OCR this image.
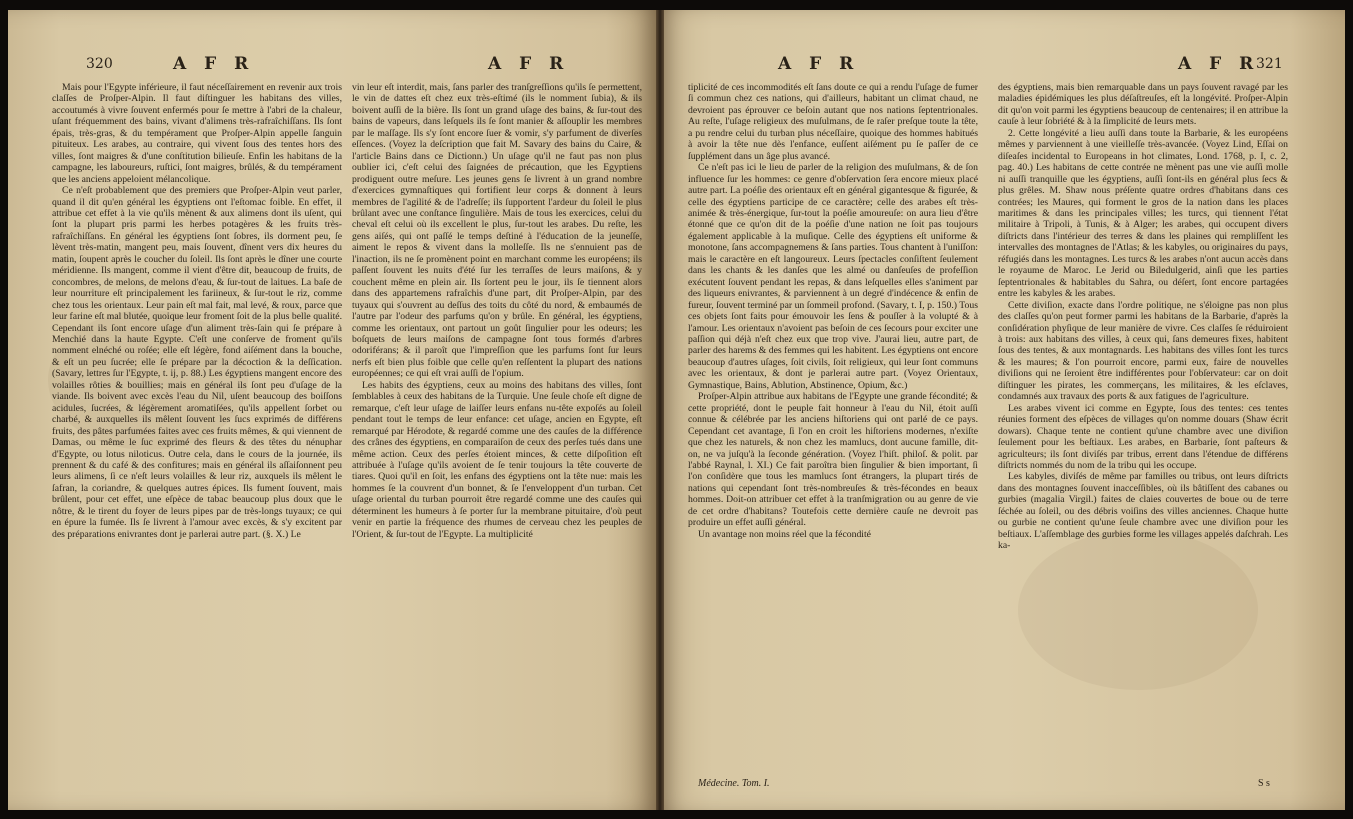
320	A F R	A F R

Mais pour l'Egypte inférieure, il faut néceſſairement en revenir aux trois claſſes de Proſper-Alpin. Il faut diſtinguer les habitans des villes, accoutumés à vivre ſouvent enfermés pour ſe mettre à l'abri de la chaleur, uſant fréquemment des bains, vivant d'alimens très-rafraîchiſſans. Ils ſont épais, très-gras, & du tempérament que Proſper-Alpin appelle ſanguin pituiteux. Les arabes, au contraire, qui vivent ſous des tentes hors des villes, ſont maigres & d'une conſtitution bilieuſe. Enfin les habitans de la campagne, les laboureurs, ruſtici, ſont maigres, brûlés, & du tempérament que les anciens appeloient mélancolique.

Ce n'eſt probablement que des premiers que Proſper-Alpin veut parler, quand il dit qu'en général les égyptiens ont l'eſtomac foible. En effet, il attribue cet effet à la vie qu'ils mènent & aux alimens dont ils uſent, qui ſont la plupart pris parmi les herbes potagères & les fruits très-rafraîchiſſans. En général les égyptiens ſont ſobres, ils dorment peu, ſe lèvent très-matin, mangent peu, mais ſouvent, dînent vers dix heures du matin, ſoupent après le coucher du ſoleil. Ils ſont après le dîner une courte méridienne. Ils mangent, comme il vient d'être dit, beaucoup de fruits, de concombres, de melons, de melons d'eau, & ſur-tout de laitues. La baſe de leur nourriture eſt principalement les fariineux, & ſur-tout le riz, comme chez tous les orientaux. Leur pain eſt mal fait, mal levé, & roux, parce que leur farine eſt mal blutée, quoique leur froment ſoit de la plus belle qualité. Cependant ils ſont encore uſage d'un aliment très-ſain qui ſe prépare à Menchié dans la haute Egypte. C'eſt une conſerve de froment qu'ils nomment elnéché ou roſée; elle eſt légère, fond aiſément dans la bouche, & eſt un peu ſucrée; elle ſe prépare par la décoction & la deſſication. (Savary, lettres ſur l'Egypte, t. ij, p. 88.) Les égyptiens mangent encore des volailles rôties & bouillies; mais en général ils ſont peu d'uſage de la viande. Ils boivent avec excès l'eau du Nil, uſent beaucoup des boiſſons acidules, ſucrées, & légèrement aromatiſées, qu'ils appellent ſorbet ou charbé, & auxquelles ils mêlent ſouvent les ſucs exprimés de différens fruits, des pâtes parfumées faites avec ces fruits mêmes, & qui viennent de Damas, ou même le ſuc exprimé des fleurs & des têtes du nénuphar d'Egypte, ou lotus niloticus. Outre cela, dans le cours de la journée, ils prennent & du café & des confitures; mais en général ils aſſaiſonnent peu leurs alimens, ſi ce n'eſt leurs volailles & leur riz, auxquels ils mêlent le ſafran, la coriandre, & quelques autres épices. Ils fument ſouvent, mais brûlent, pour cet effet, une eſpèce de tabac beaucoup plus doux que le nôtre, & le tirent du foyer de leurs pipes par de très-longs tuyaux; ce qui en épure la fumée. Ils ſe livrent à l'amour avec excès, & s'y excitent par des préparations enivrantes dont je parlerai autre part. (§. X.) Le

vin leur eſt interdit, mais, ſans parler des tranſgreſſions qu'ils ſe permettent, le vin de dattes eſt chez eux très-eſtimé (ils le nomment ſubia), & ils boivent auſſi de la bière. Ils ſont un grand uſage des bains, & ſur-tout des bains de vapeurs, dans leſquels ils ſe ſont manier & aſſouplir les membres par le maſſage. Ils s'y ſont encore ſuer & vomir, s'y parfument de diverſes eſſences. (Voyez la deſcription que fait M. Savary des bains du Caire, & l'article Bains dans ce Dictionn.) Un uſage qu'il ne faut pas non plus oublier ici, c'eſt celui des ſaignées de précaution, que les Egyptiens prodiguent outre meſure. Les jeunes gens ſe livrent à un grand nombre d'exercices gymnaſtiques qui fortifient leur corps & donnent à leurs membres de l'agilité & de l'adreſſe; ils ſupportent l'ardeur du ſoleil le plus brûlant avec une conſtance ſingulière. Mais de tous les exercices, celui du cheval eſt celui où ils excellent le plus, ſur-tout les arabes. Du reſte, les gens aiſés, qui ont paſſé le temps deſtiné à l'éducation de la jeuneſſe, aiment le repos & vivent dans la molleſſe. Ils ne s'ennuient pas de l'inaction, ils ne ſe promènent point en marchant comme les européens; ils paſſent ſouvent les nuits d'été ſur les terraſſes de leurs maiſons, & y couchent même en plein air. Ils ſortent peu le jour, ils ſe tiennent alors dans des appartemens rafraîchis d'une part, dit Proſper-Alpin, par des tuyaux qui s'ouvrent au deſſus des toits du côté du nord, & embaumés de l'autre par l'odeur des parfums qu'on y brûle. En général, les égyptiens, comme les orientaux, ont partout un goût ſingulier pour les odeurs; les boſquets de leurs maiſons de campagne ſont tous formés d'arbres odoriférans; & il paroît que l'impreſſion que les parfums ſont ſur leurs nerfs eſt bien plus foible que celle qu'en reſſentent la plupart des nations européennes; ce qui eſt vrai auſſi de l'opium.

Les habits des égyptiens, ceux au moins des habitans des villes, ſont ſemblables à ceux des habitans de la Turquie. Une ſeule choſe eſt digne de remarque, c'eſt leur uſage de laiſſer leurs enfans nu-tête expoſés au ſoleil pendant tout le temps de leur enfance: cet uſage, ancien en Egypte, eſt remarqué par Hérodote, & regardé comme une des cauſes de la différence des crânes des égyptiens, en comparaiſon de ceux des perſes tués dans une même action. Ceux des perſes étoient minces, & cette diſpoſition eſt attribuée à l'uſage qu'ils avoient de ſe tenir toujours la tête couverte de tiares. Quoi qu'il en ſoit, les enfans des égyptiens ont la tête nue: mais les hommes ſe la couvrent d'un bonnet, & ſe l'enveloppent d'un turban. Cet uſage oriental du turban pourroit être regardé comme une des cauſes qui déterminent les humeurs à ſe porter ſur la membrane pituitaire, d'où peut venir en partie la fréquence des rhumes de cerveau chez les peuples de l'Orient, & ſur-tout de l'Egypte. La multiplicité

A F R	A F R
321

tiplicité de ces incommodités eſt ſans doute ce qui a rendu l'uſage de fumer ſi commun chez ces nations, qui d'ailleurs, habitant un climat chaud, ne devroient pas éprouver ce beſoin autant que nos nations ſeptentrionales. Au reſte, l'uſage religieux des muſulmans, de ſe raſer preſque toute la tête, a pu rendre celui du turban plus néceſſaire, quoique des hommes habitués à avoir la tête nue dès l'enfance, euſſent aiſément pu ſe paſſer de ce ſupplément dans un âge plus avancé.

Ce n'eſt pas ici le lieu de parler de la religion des muſulmans, & de ſon influence ſur les hommes: ce genre d'obſervation ſera encore mieux placé autre part. La poéſie des orientaux eſt en général gigantesque & figurée, & celle des égyptiens participe de ce caractère; celle des arabes eſt très-animée & très-énergique, ſur-tout la poéſie amoureuſe: on aura lieu d'être étonné que ce qu'on dit de la poéſie d'une nation ne ſoit pas toujours également applicable à la muſique. Celle des égyptiens eſt uniforme & monotone, ſans accompagnemens & ſans parties. Tous chantent à l'uniſſon: mais le caractère en eſt langoureux. Leurs ſpectacles conſiſtent ſeulement dans les chants & les danſes que les almé ou danſeuſes de profeſſion exécutent ſouvent pendant les repas, & dans leſquelles elles s'animent par des liqueurs enivrantes, & parviennent à un degré d'indécence & enfin de fureur, ſouvent terminé par un ſommeil profond. (Savary, t. I, p. 150.) Tous ces objets ſont faits pour émouvoir les ſens & pouſſer à la volupté & à l'amour. Les orientaux n'avoient pas beſoin de ces ſecours pour exciter une paſſion qui déjà n'eſt chez eux que trop vive. J'aurai lieu, autre part, de parler des harems & des femmes qui les habitent. Les égyptiens ont encore beaucoup d'autres uſages, ſoit civils, ſoit religieux, qui leur ſont communs avec les orientaux, & dont je parlerai autre part. (Voyez Orientaux, Gymnastique, Bains, Ablution, Abstinence, Opium, &c.)

Proſper-Alpin attribue aux habitans de l'Egypte une grande fécondité; & cette propriété, dont le peuple fait honneur à l'eau du Nil, étoit auſſi connue & célébrée par les anciens hiſtoriens qui ont parlé de ce pays. Cependant cet avantage, ſi l'on en croit les hiſtoriens modernes, n'exiſte que chez les naturels, & non chez les mamlucs, dont aucune famille, dit-on, ne va juſqu'à la ſeconde génération. (Voyez l'hiſt. philoſ. & polit. par l'abbé Raynal, l. XI.) Ce fait paroîtra bien ſingulier & bien important, ſi l'on conſidère que tous les mamlucs ſont étrangers, la plupart tirés de nations qui cependant ſont très-nombreuſes & très-fécondes en beaux hommes. Doit-on attribuer cet effet à la tranſmigration ou au genre de vie de cet ordre d'habitans? Toutefois cette dernière cauſe ne devroit pas produire un effet auſſi général.

Un avantage non moins réel que la fécondité

Médecine. Tom. I.

des égyptiens, mais bien remarquable dans un pays ſouvent ravagé par les maladies épidémiques les plus déſaſtreuſes, eſt la longévité. Proſper-Alpin dit qu'on voit parmi les égyptiens beaucoup de centenaires; il en attribue la cauſe à leur ſobriété & à la ſimplicité de leurs mets.

2. Cette longévité a lieu auſſi dans toute la Barbarie, & les européens mêmes y parviennent à une vieilleſſe très-avancée. (Voyez Lind, Eſſai on diſeaſes incidental to Europeans in hot climates, Lond. 1768, p. I, c. 2, pag. 40.) Les habitans de cette contrée ne mènent pas une vie auſſi molle ni auſſi tranquille que les égyptiens, auſſi ſont-ils en général plus ſecs & plus grêles. M. Shaw nous préſente quatre ordres d'habitans dans ces contrées; les Maures, qui forment le gros de la nation dans les places maritimes & dans les principales villes; les turcs, qui tiennent l'état militaire à Tripoli, à Tunis, & à Alger; les arabes, qui occupent divers diſtricts dans l'intérieur des terres & dans les plaines qui rempliſſent les intervalles des montagnes de l'Atlas; & les kabyles, ou originaires du pays, réfugiés dans les montagnes. Les turcs & les arabes n'ont aucun accès dans le royaume de Maroc. Le Jerid ou Biledulgerid, ainſi que les parties ſeptentrionales & habitables du Sahra, ou déſert, ſont encore partagées entre les kabyles & les arabes.

Cette diviſion, exacte dans l'ordre politique, ne s'éloigne pas non plus des claſſes qu'on peut former parmi les habitans de la Barbarie, d'après la conſidération phyſique de leur manière de vivre. Ces claſſes ſe réduiroient à trois: aux habitans des villes, à ceux qui, ſans demeures fixes, habitent ſous des tentes, & aux montagnards. Les habitans des villes ſont les turcs & les maures; & l'on pourroit encore, parmi eux, faire de nouvelles diviſions qui ne ſeroient être indifférentes pour l'obſervateur: car on doit diſtinguer les pirates, les commerçans, les militaires, & les eſclaves, condamnés aux travaux des ports & aux fatigues de l'agriculture.

Les arabes vivent ici comme en Egypte, ſous des tentes: ces tentes réunies forment des eſpèces de villages qu'on nomme douars (Shaw écrit dowars). Chaque tente ne contient qu'une chambre avec une diviſion ſeulement pour les beſtiaux. Les arabes, en Barbarie, ſont paſteurs & agriculteurs; ils ſont diviſés par tribus, errent dans l'étendue de différens diſtricts nommés du nom de la tribu qui les occupe.

Les kabyles, diviſés de même par familles ou tribus, ont leurs diſtricts dans des montagnes ſouvent inacceſſibles, où ils bâtiſſent des cabanes ou gurbies (magalia Virgil.) faites de claies couvertes de boue ou de terre ſéchée au ſoleil, ou des débris voiſins des villes anciennes. Chaque hutte ou gurbie ne contient qu'une ſeule chambre avec une diviſion pour les beſtiaux. L'aſſemblage des gurbies forme les villages appelés daſchrah. Les ka-

S s
